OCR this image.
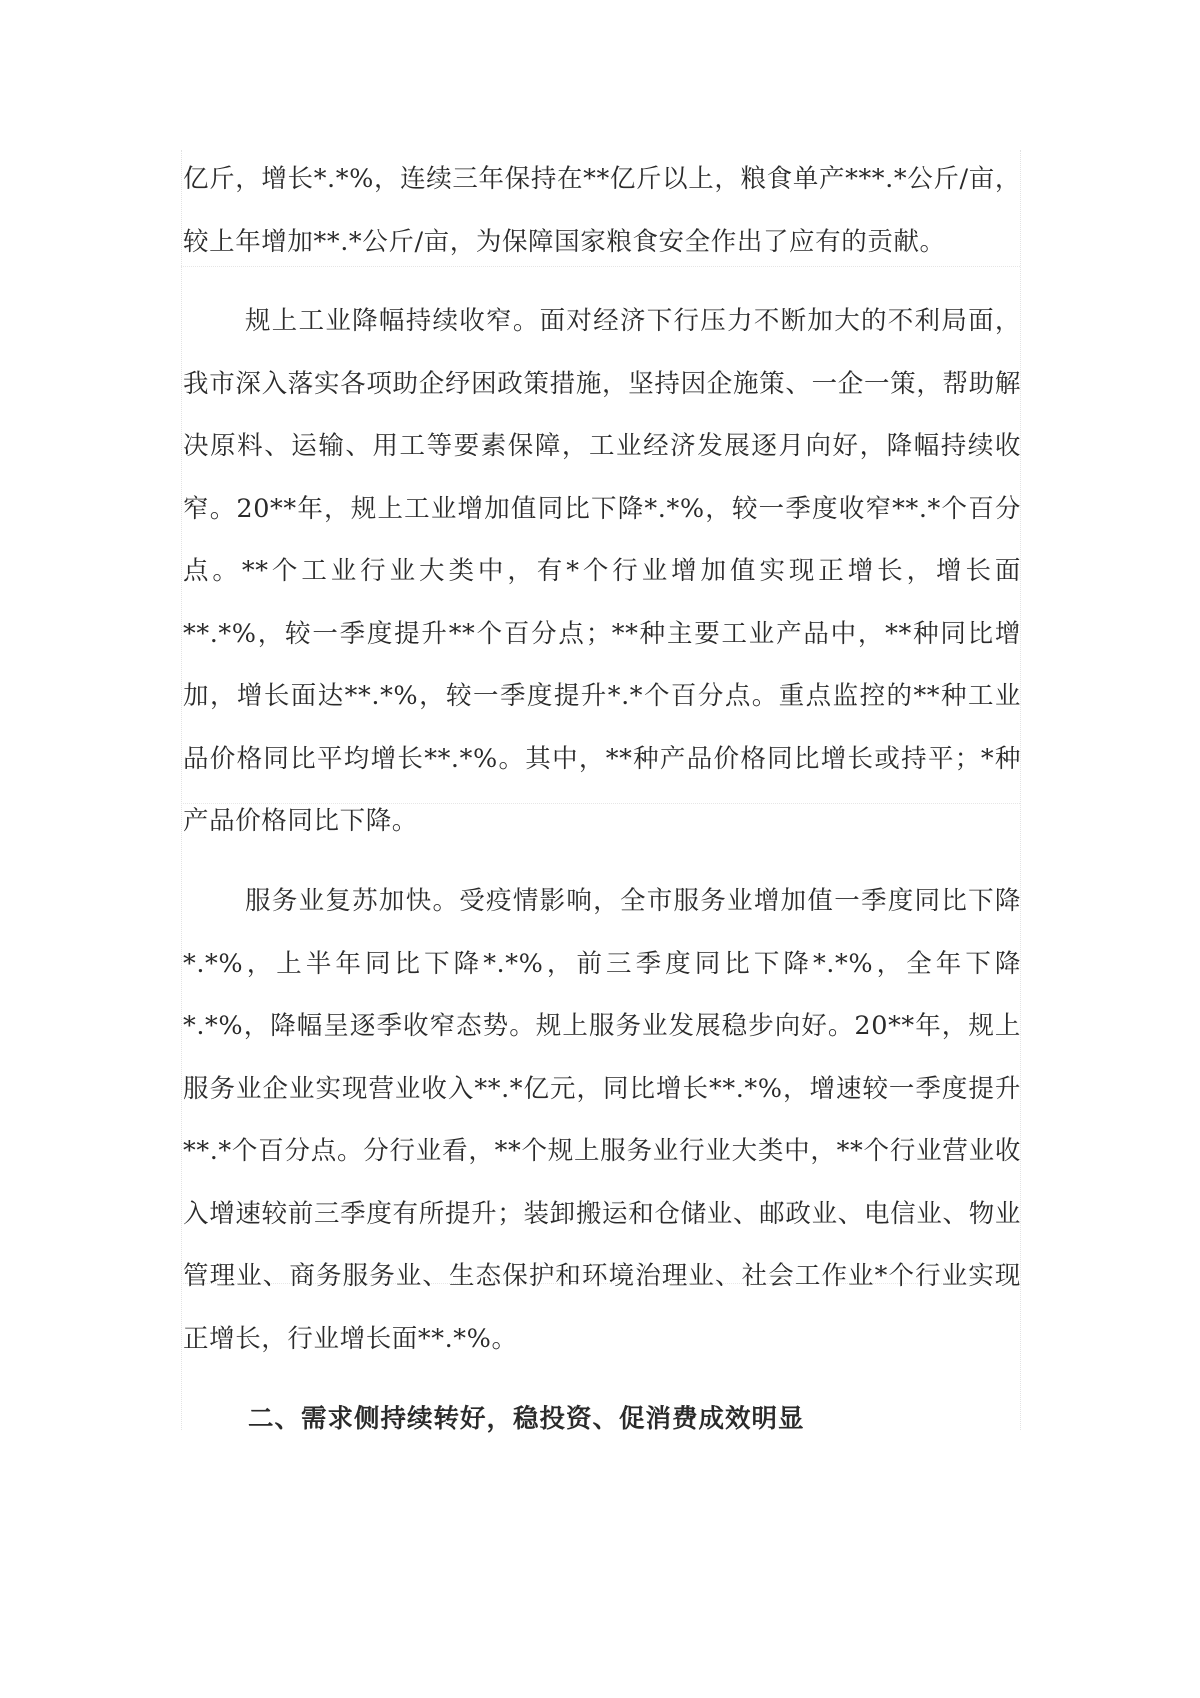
亿斤，增长*.*%，连续三年保持在**亿斤以上，粮食单产***.*公斤/亩，较上年增加**.*公斤/亩，为保障国家粮食安全作出了应有的贡献。

规上工业降幅持续收窄。面对经济下行压力不断加大的不利局面，我市深入落实各项助企纾困政策措施，坚持因企施策、一企一策，帮助解决原料、运输、用工等要素保障，工业经济发展逐月向好，降幅持续收窄。20**年，规上工业增加值同比下降*.*%，较一季度收窄**.*个百分点。**个工业行业大类中，有*个行业增加值实现正增长，增长面**.*%，较一季度提升**个百分点；**种主要工业产品中，**种同比增加，增长面达**.*%，较一季度提升*.*个百分点。重点监控的**种工业品价格同比平均增长**.*%。其中，**种产品价格同比增长或持平；*种产品价格同比下降。

服务业复苏加快。受疫情影响，全市服务业增加值一季度同比下降*.*%，上半年同比下降*.*%，前三季度同比下降*.*%，全年下降*.*%，降幅呈逐季收窄态势。规上服务业发展稳步向好。20**年，规上服务业企业实现营业收入**.*亿元，同比增长**.*%，增速较一季度提升**.*个百分点。分行业看，**个规上服务业行业大类中，**个行业营业收入增速较前三季度有所提升；装卸搬运和仓储业、邮政业、电信业、物业管理业、商务服务业、生态保护和环境治理业、社会工作业*个行业实现正增长，行业增长面**.*%。

二、需求侧持续转好，稳投资、促消费成效明显
